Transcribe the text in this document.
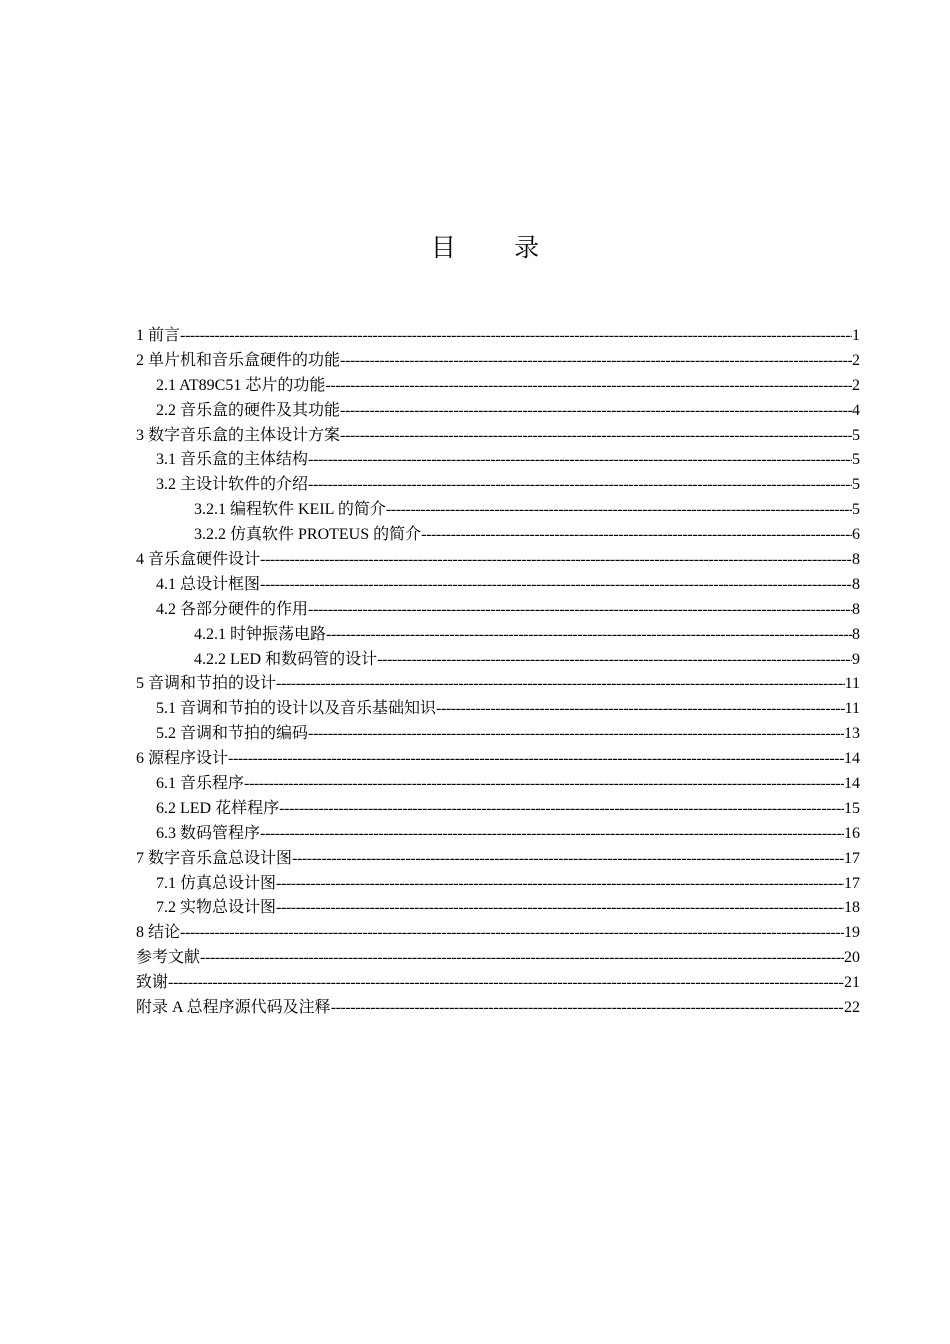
目 录
1 前言 -----	1
2 单片机和音乐盒硬件的功能 -----	2
2.1 AT89C51 芯片的功能 -----	2
2.2 音乐盒的硬件及其功能 -----	4
3 数字音乐盒的主体设计方案 -----	5
3.1 音乐盒的主体结构 -----	5
3.2 主设计软件的介绍 -----	5
3.2.1 编程软件 KEIL 的简介 -----	5
3.2.2 仿真软件 PROTEUS 的简介 -----	6
4 音乐盒硬件设计 -----	8
4.1 总设计框图 -----	8
4.2 各部分硬件的作用 -----	8
4.2.1 时钟振荡电路 -----	8
4.2.2 LED 和数码管的设计 -----	9
5 音调和节拍的设计 -----	11
5.1 音调和节拍的设计以及音乐基础知识 -----	11
5.2 音调和节拍的编码 -----	13
6 源程序设计 -----	14
6.1 音乐程序 -----	14
6.2 LED 花样程序 -----	15
6.3 数码管程序 -----	16
7 数字音乐盒总设计图 -----	17
7.1 仿真总设计图 -----	17
7.2 实物总设计图 -----	18
8 结论 -----	19
参考文献 -----	20
致谢 -----	21
附录 A 总程序源代码及注释 -----	22
